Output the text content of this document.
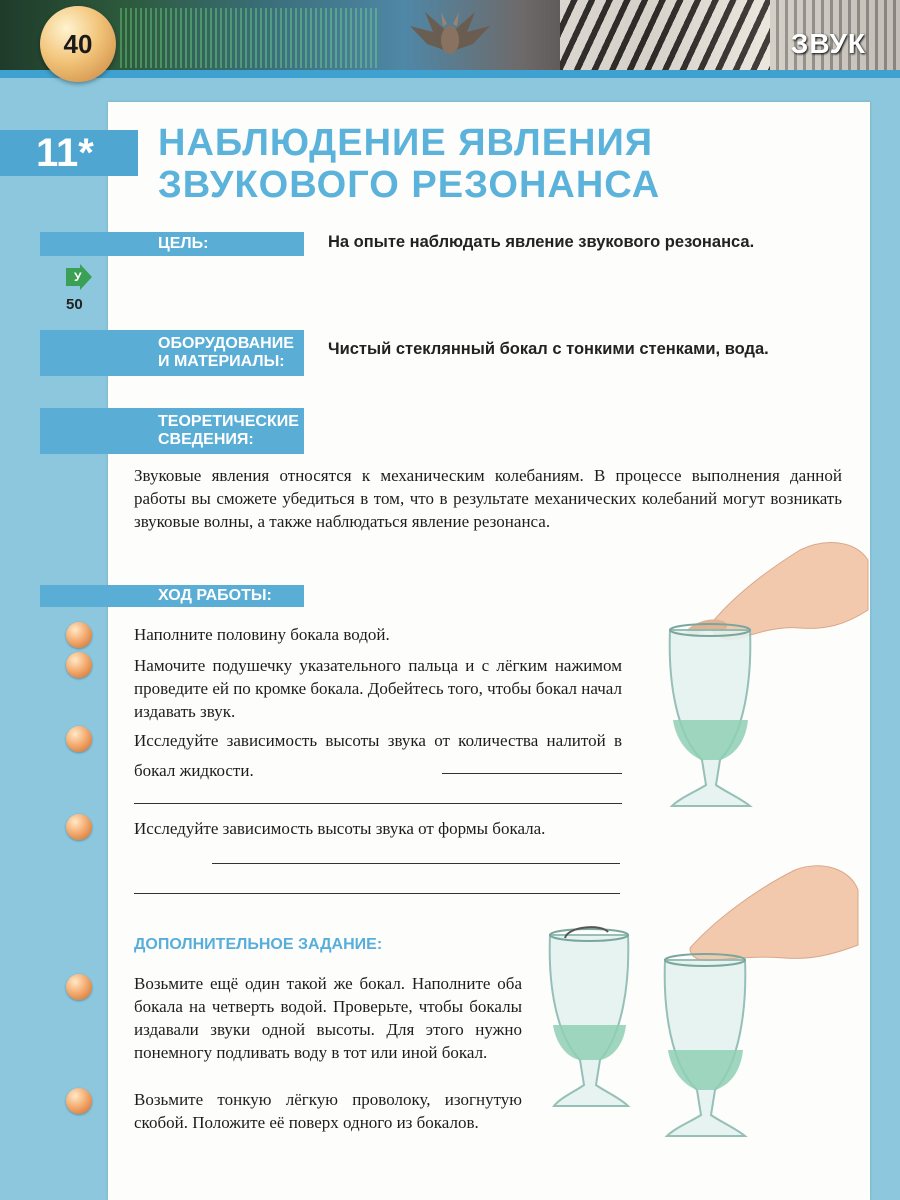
ЗВУК
40
11*	НАБЛЮДЕНИЕ ЯВЛЕНИЯ
ЗВУКОВОГО РЕЗОНАНСА
ЦЕЛЬ:	На опыте наблюдать явление звукового резонанса.
У
50
ОБОРУДОВАНИЕ
И МАТЕРИАЛЫ:
Чистый стеклянный бокал с тонкими стенками, вода.
ТЕОРЕТИЧЕСКИЕ
СВЕДЕНИЯ:
Звуковые явления относятся к механическим колебаниям. В процессе выполнения данной работы вы сможете убедиться в том, что в результате механических колебаний могут возникать звуковые волны, а также наблюдаться явление резонанса.
ХОД РАБОТЫ:
Наполните половину бокала водой.
Намочите подушечку указательного пальца и с лёгким нажимом проведите ей по кромке бокала. Добейтесь того, чтобы бокал начал издавать звук.
Исследуйте зависимость высоты звука от количества налитой в бокал жидкости.
Исследуйте зависимость высоты звука от формы бокала.
ДОПОЛНИТЕЛЬНОЕ ЗАДАНИЕ:
Возьмите ещё один такой же бокал. Наполните оба бокала на четверть водой. Проверьте, чтобы бокалы издавали звуки одной высоты. Для этого нужно понемногу подливать воду в тот или иной бокал.
Возьмите тонкую лёгкую проволоку, изогнутую скобой. Положите её поверх одного из бокалов.
